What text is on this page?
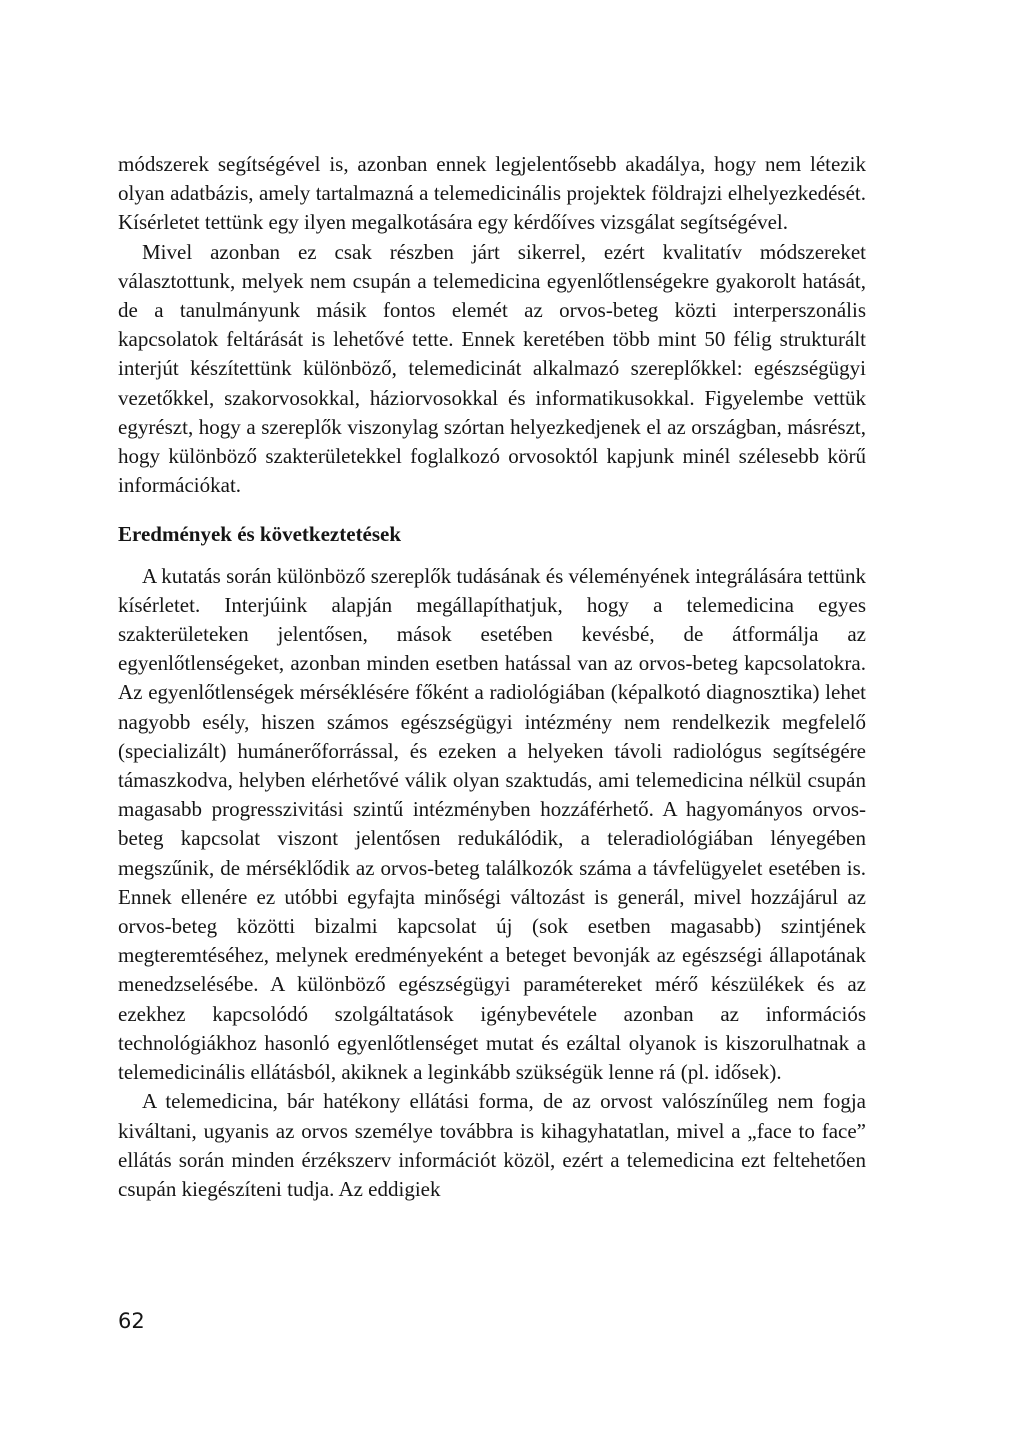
módszerek segítségével is, azonban ennek legjelentősebb akadálya, hogy nem létezik olyan adatbázis, amely tartalmazná a telemedicinális projektek földrajzi elhelyezkedését. Kísérletet tettünk egy ilyen megalkotására egy kérdőíves vizsgálat segítségével.

Mivel azonban ez csak részben járt sikerrel, ezért kvalitatív módszereket választottunk, melyek nem csupán a telemedicina egyenlőtlenségekre gyakorolt hatását, de a tanulmányunk másik fontos elemét az orvos-beteg közti interperszonális kapcsolatok feltárását is lehetővé tette. Ennek keretében több mint 50 félig strukturált interjút készítettünk különböző, telemedicinát alkalmazó szereplőkkel: egészségügyi vezetőkkel, szakorvosokkal, háziorvosokkal és informatikusokkal. Figyelembe vettük egyrészt, hogy a szereplők viszonylag szórtan helyezkedjenek el az országban, másrészt, hogy különböző szakterületekkel foglalkozó orvosoktól kapjunk minél szélesebb körű információkat.

Eredmények és következtetések

A kutatás során különböző szereplők tudásának és véleményének integrálására tettünk kísérletet. Interjúink alapján megállapíthatjuk, hogy a telemedicina egyes szakterületeken jelentősen, mások esetében kevésbé, de átformálja az egyenlőtlenségeket, azonban minden esetben hatással van az orvos-beteg kapcsolatokra. Az egyenlőtlenségek mérséklésére főként a radiológiában (képalkotó diagnosztika) lehet nagyobb esély, hiszen számos egészségügyi intézmény nem rendelkezik megfelelő (specializált) humánerőforrással, és ezeken a helyeken távoli radiológus segítségére támaszkodva, helyben elérhetővé válik olyan szaktudás, ami telemedicina nélkül csupán magasabb progresszivitási szintű intézményben hozzáférhető. A hagyományos orvos-beteg kapcsolat viszont jelentősen redukálódik, a teleradiológiában lényegében megszűnik, de mérséklődik az orvos-beteg találkozók száma a távfelügyelet esetében is. Ennek ellenére ez utóbbi egyfajta minőségi változást is generál, mivel hozzájárul az orvos-beteg közötti bizalmi kapcsolat új (sok esetben magasabb) szintjének megteremtéséhez, melynek eredményeként a beteget bevonják az egészségi állapotának menedzselésébe. A különböző egészségügyi paramétereket mérő készülékek és az ezekhez kapcsolódó szolgáltatások igénybevétele azonban az információs technológiákhoz hasonló egyenlőtlenséget mutat és ezáltal olyanok is kiszorulhatnak a telemedicinális ellátásból, akiknek a leginkább szükségük lenne rá (pl. idősek).

A telemedicina, bár hatékony ellátási forma, de az orvost valószínűleg nem fogja kiváltani, ugyanis az orvos személye továbbra is kihagyhatatlan, mivel a „face to face” ellátás során minden érzékszerv információt közöl, ezért a telemedicina ezt feltehetően csupán kiegészíteni tudja. Az eddigiek

62
